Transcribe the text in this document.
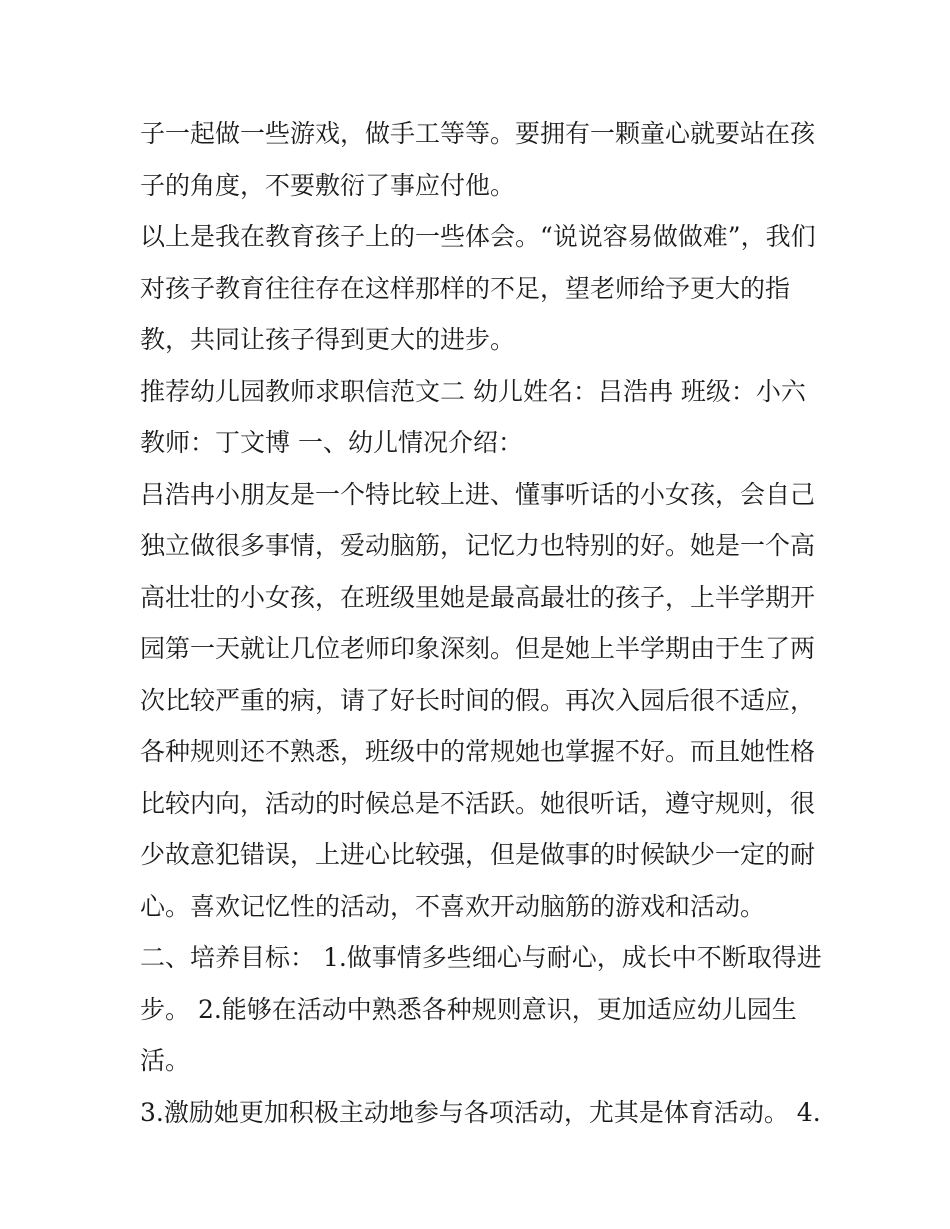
子一起做一些游戏，做手工等等。要拥有一颗童心就要站在孩
子的角度，不要敷衍了事应付他。
以上是我在教育孩子上的一些体会。“说说容易做做难”，我们
对孩子教育往往存在这样那样的不足，望老师给予更大的指
教，共同让孩子得到更大的进步。
推荐幼儿园教师求职信范文二 幼儿姓名：吕浩冉 班级：小六
教师：丁文博 一、幼儿情况介绍：
吕浩冉小朋友是一个特比较上进、懂事听话的小女孩，会自己
独立做很多事情，爱动脑筋，记忆力也特别的好。她是一个高
高壮壮的小女孩，在班级里她是最高最壮的孩子，上半学期开
园第一天就让几位老师印象深刻。但是她上半学期由于生了两
次比较严重的病，请了好长时间的假。再次入园后很不适应，
各种规则还不熟悉，班级中的常规她也掌握不好。而且她性格
比较内向，活动的时候总是不活跃。她很听话，遵守规则，很
少故意犯错误，上进心比较强，但是做事的时候缺少一定的耐
心。喜欢记忆性的活动，不喜欢开动脑筋的游戏和活动。
二、培养目标： 1.做事情多些细心与耐心，成长中不断取得进
步。 2.能够在活动中熟悉各种规则意识，更加适应幼儿园生
活。
3.激励她更加积极主动地参与各项活动，尤其是体育活动。 4.
